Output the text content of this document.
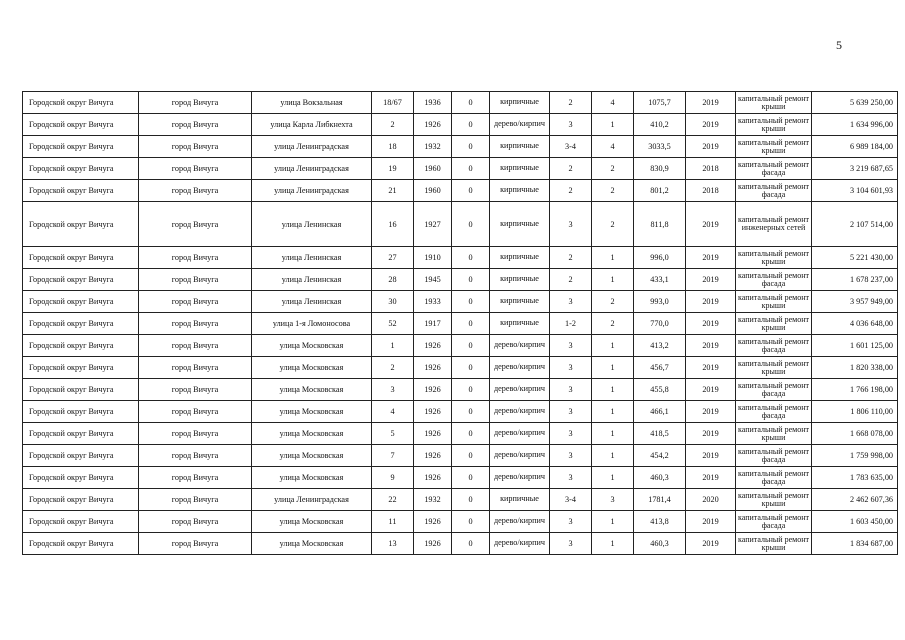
5
Городской округ Вичуга	город Вичуга	улица Вокзальная	18/67	1936	0	кирпичные	2	4	1075,7	2019	капитальный ремонт крыши	5 639 250,00
Городской округ Вичуга	город Вичуга	улица Карла Либкнехта	2	1926	0	дерево/кирпич	3	1	410,2	2019	капитальный ремонт крыши	1 634 996,00
Городской округ Вичуга	город Вичуга	улица Ленинградская	18	1932	0	кирпичные	3-4	4	3033,5	2019	капитальный ремонт крыши	6 989 184,00
Городской округ Вичуга	город Вичуга	улица Ленинградская	19	1960	0	кирпичные	2	2	830,9	2018	капитальный ремонт фасада	3 219 687,65
Городской округ Вичуга	город Вичуга	улица Ленинградская	21	1960	0	кирпичные	2	2	801,2	2018	капитальный ремонт фасада	3 104 601,93
Городской округ Вичуга	город Вичуга	улица Ленинская	16	1927	0	кирпичные	3	2	811,8	2019	капитальный ремонт инженерных сетей	2 107 514,00
Городской округ Вичуга	город Вичуга	улица Ленинская	27	1910	0	кирпичные	2	1	996,0	2019	капитальный ремонт крыши	5 221 430,00
Городской округ Вичуга	город Вичуга	улица Ленинская	28	1945	0	кирпичные	2	1	433,1	2019	капитальный ремонт фасада	1 678 237,00
Городской округ Вичуга	город Вичуга	улица Ленинская	30	1933	0	кирпичные	3	2	993,0	2019	капитальный ремонт крыши	3 957 949,00
Городской округ Вичуга	город Вичуга	улица 1-я Ломоносова	52	1917	0	кирпичные	1-2	2	770,0	2019	капитальный ремонт крыши	4 036 648,00
Городской округ Вичуга	город Вичуга	улица Московская	1	1926	0	дерево/кирпич	3	1	413,2	2019	капитальный ремонт фасада	1 601 125,00
Городской округ Вичуга	город Вичуга	улица Московская	2	1926	0	дерево/кирпич	3	1	456,7	2019	капитальный ремонт крыши	1 820 338,00
Городской округ Вичуга	город Вичуга	улица Московская	3	1926	0	дерево/кирпич	3	1	455,8	2019	капитальный ремонт фасада	1 766 198,00
Городской округ Вичуга	город Вичуга	улица Московская	4	1926	0	дерево/кирпич	3	1	466,1	2019	капитальный ремонт фасада	1 806 110,00
Городской округ Вичуга	город Вичуга	улица Московская	5	1926	0	дерево/кирпич	3	1	418,5	2019	капитальный ремонт крыши	1 668 078,00
Городской округ Вичуга	город Вичуга	улица Московская	7	1926	0	дерево/кирпич	3	1	454,2	2019	капитальный ремонт фасада	1 759 998,00
Городской округ Вичуга	город Вичуга	улица Московская	9	1926	0	дерево/кирпич	3	1	460,3	2019	капитальный ремонт фасада	1 783 635,00
Городской округ Вичуга	город Вичуга	улица Ленинградская	22	1932	0	кирпичные	3-4	3	1781,4	2020	капитальный ремонт крыши	2 462 607,36
Городской округ Вичуга	город Вичуга	улица Московская	11	1926	0	дерево/кирпич	3	1	413,8	2019	капитальный ремонт фасада	1 603 450,00
Городской округ Вичуга	город Вичуга	улица Московская	13	1926	0	дерево/кирпич	3	1	460,3	2019	капитальный ремонт крыши	1 834 687,00
